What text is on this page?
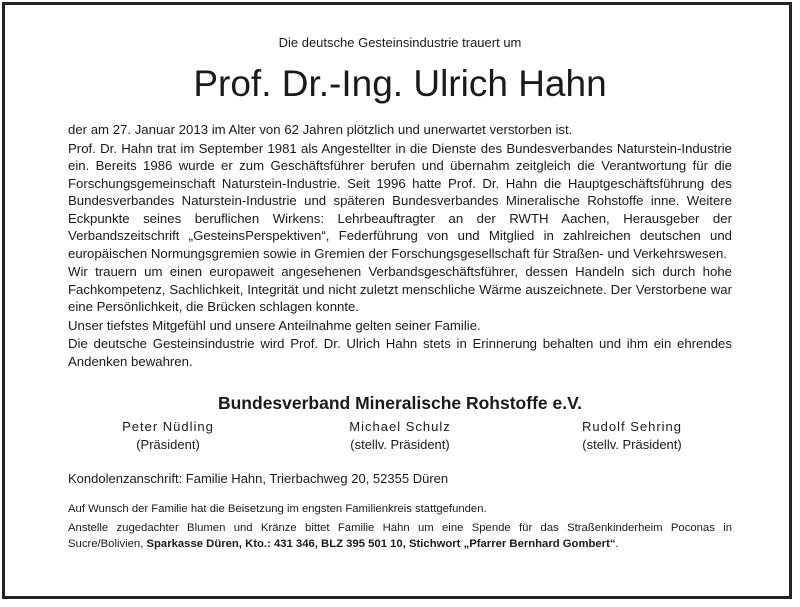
Die deutsche Gesteinsindustrie trauert um
Prof. Dr.-Ing. Ulrich Hahn

der am 27. Januar 2013 im Alter von 62 Jahren plötzlich und unerwartet verstorben ist.

Prof. Dr. Hahn trat im September 1981 als Angestellter in die Dienste des Bundesverbandes Naturstein-Industrie ein. Bereits 1986 wurde er zum Geschäftsführer berufen und übernahm zeitgleich die Verantwortung für die Forschungsgemeinschaft Naturstein-Industrie. Seit 1996 hatte Prof. Dr. Hahn die Hauptgeschäftsführung des Bundesverbandes Naturstein-Industrie und späteren Bundesverbandes Mineralische Rohstoffe inne. Weitere Eckpunkte seines beruflichen Wirkens: Lehrbeauftragter an der RWTH Aachen, Herausgeber der Verbandszeitschrift „GesteinsPerspektiven“, Federführung von und Mitglied in zahlreichen deutschen und europäischen Normungsgremien sowie in Gremien der Forschungsgesellschaft für Straßen- und Verkehrswesen.

Wir trauern um einen europaweit angesehenen Verbandsgeschäftsführer, dessen Handeln sich durch hohe Fachkompetenz, Sachlichkeit, Integrität und nicht zuletzt menschliche Wärme auszeichnete. Der Verstorbene war eine Persönlichkeit, die Brücken schlagen konnte.

Unser tiefstes Mitgefühl und unsere Anteilnahme gelten seiner Familie.

Die deutsche Gesteinsindustrie wird Prof. Dr. Ulrich Hahn stets in Erinnerung behalten und ihm ein ehrendes Andenken bewahren.

Bundesverband Mineralische Rohstoffe e.V.
Peter Nüdling
(Präsident)
Michael Schulz
(stellv. Präsident)
Rudolf Sehring
(stellv. Präsident)
Kondolenzanschrift: Familie Hahn, Trierbachweg 20, 52355 Düren

Auf Wunsch der Familie hat die Beisetzung im engsten Familienkreis stattgefunden.

Anstelle zugedachter Blumen und Kränze bittet Familie Hahn um eine Spende für das Straßenkinderheim Poconas in Sucre/Bolivien, Sparkasse Düren, Kto.: 431 346, BLZ 395 501 10, Stichwort „Pfarrer Bernhard Gombert“.
